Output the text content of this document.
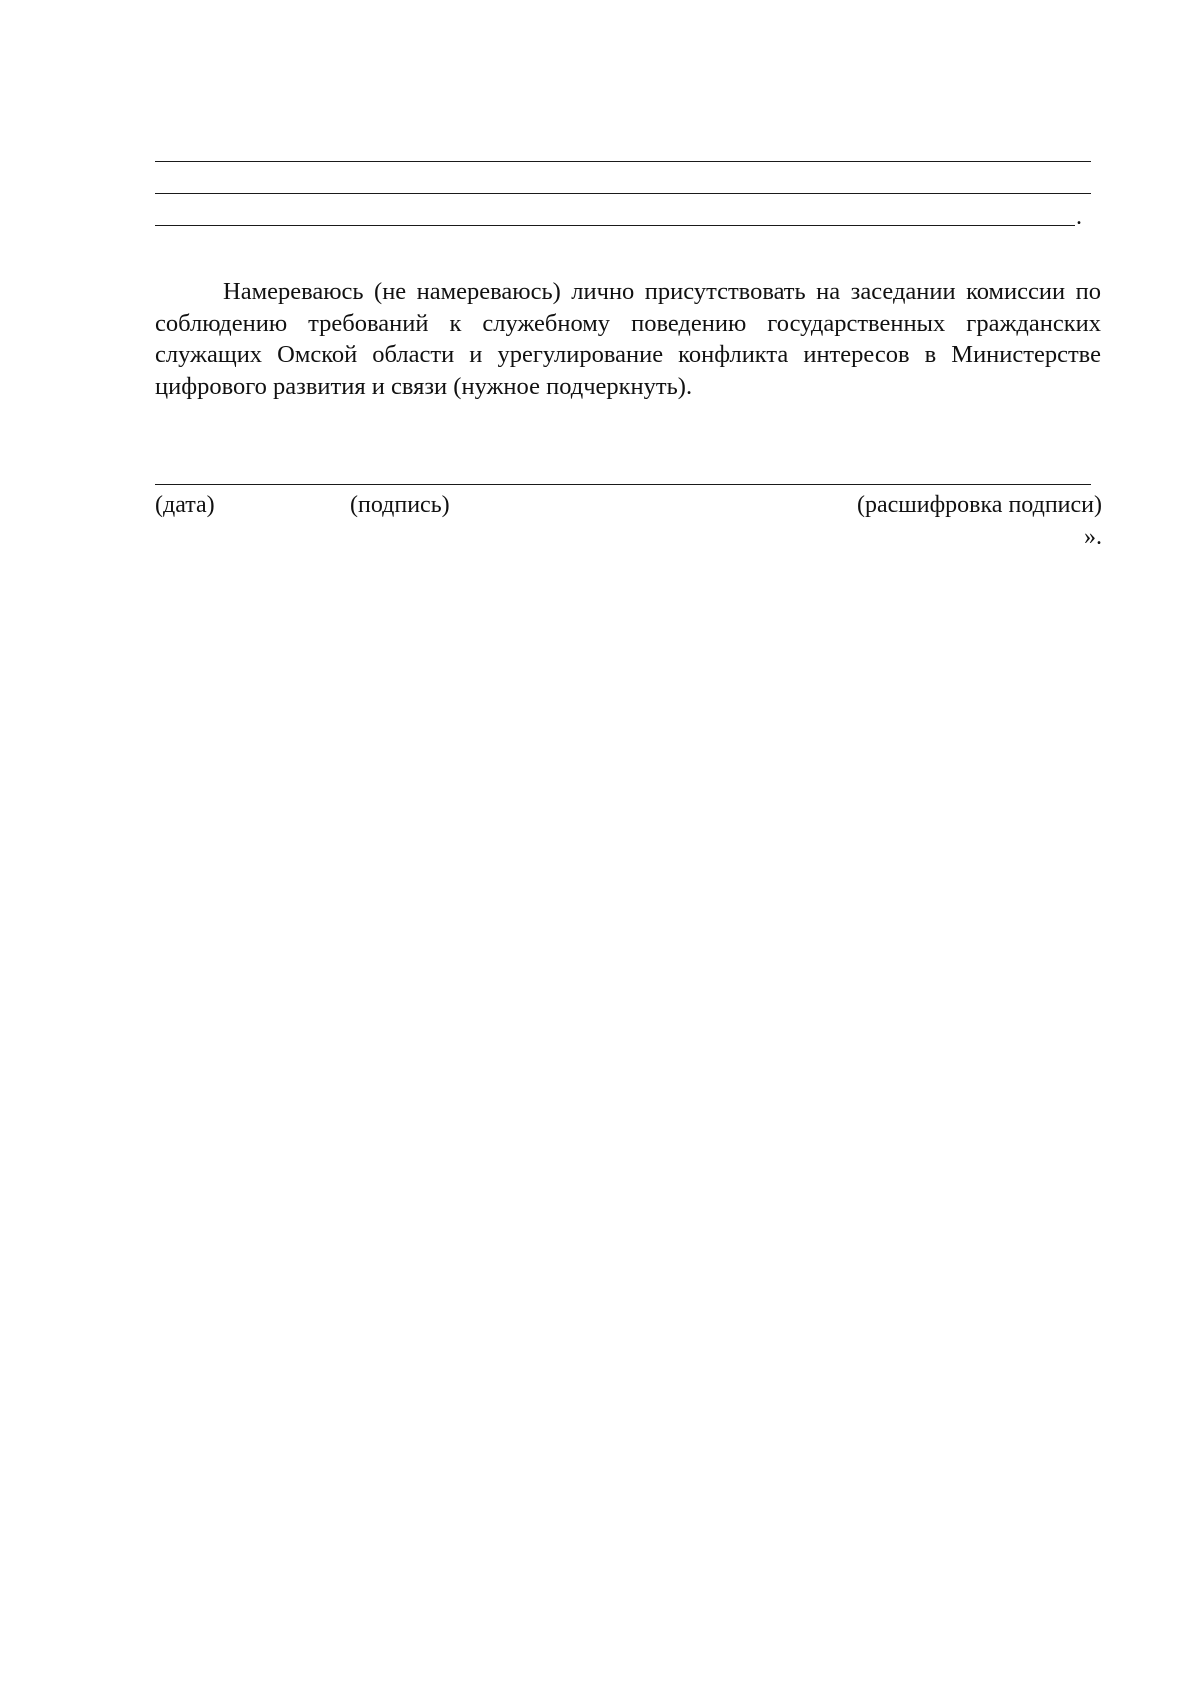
.

Намереваюсь (не намереваюсь) лично присутствовать на заседании комиссии по соблюдению требований к служебному поведению государственных гражданских служащих Омской области и урегулирование конфликта интересов в Министерстве цифрового развития и связи (нужное подчеркнуть).

(дата)	(подпись)	(расшифровка подписи)
».
